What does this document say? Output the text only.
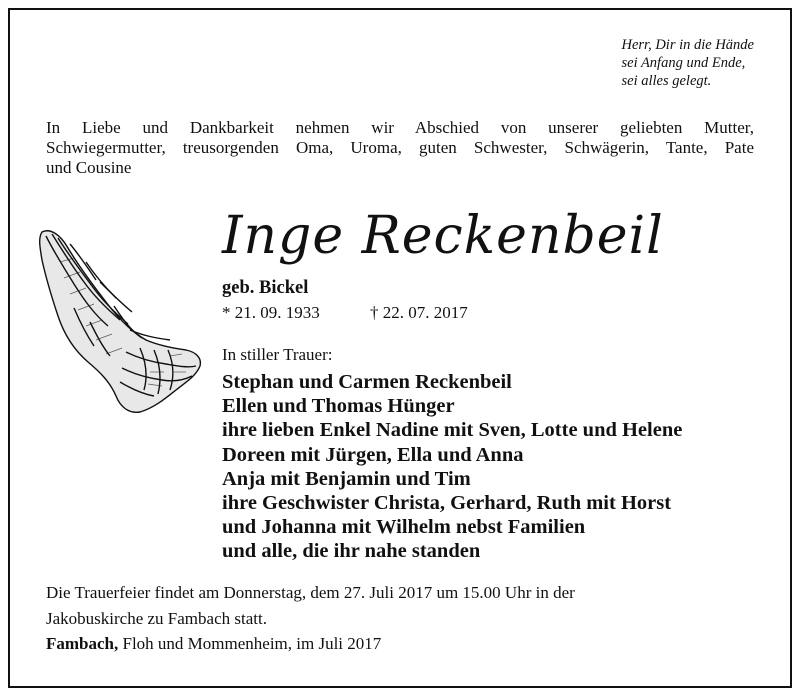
Herr, Dir in die Hände
sei Anfang und Ende,
sei alles gelegt.
In Liebe und Dankbarkeit nehmen wir Abschied von unserer geliebten Mutter,
Schwiegermutter, treusorgenden Oma, Uroma, guten Schwester, Schwägerin, Tante, Pate
und Cousine
Inge Reckenbeil
geb. Bickel
* 21. 09. 1933	† 22. 07. 2017
In stiller Trauer:
Stephan und Carmen Reckenbeil
Ellen und Thomas Hünger
ihre lieben Enkel Nadine mit Sven, Lotte und Helene
Doreen mit Jürgen, Ella und Anna
Anja mit Benjamin und Tim
ihre Geschwister Christa, Gerhard, Ruth mit Horst
und Johanna mit Wilhelm nebst Familien
und alle, die ihr nahe standen
Die Trauerfeier findet am Donnerstag, dem 27. Juli 2017 um 15.00 Uhr in der
Jakobuskirche zu Fambach statt.
Fambach, Floh und Mommenheim, im Juli 2017
